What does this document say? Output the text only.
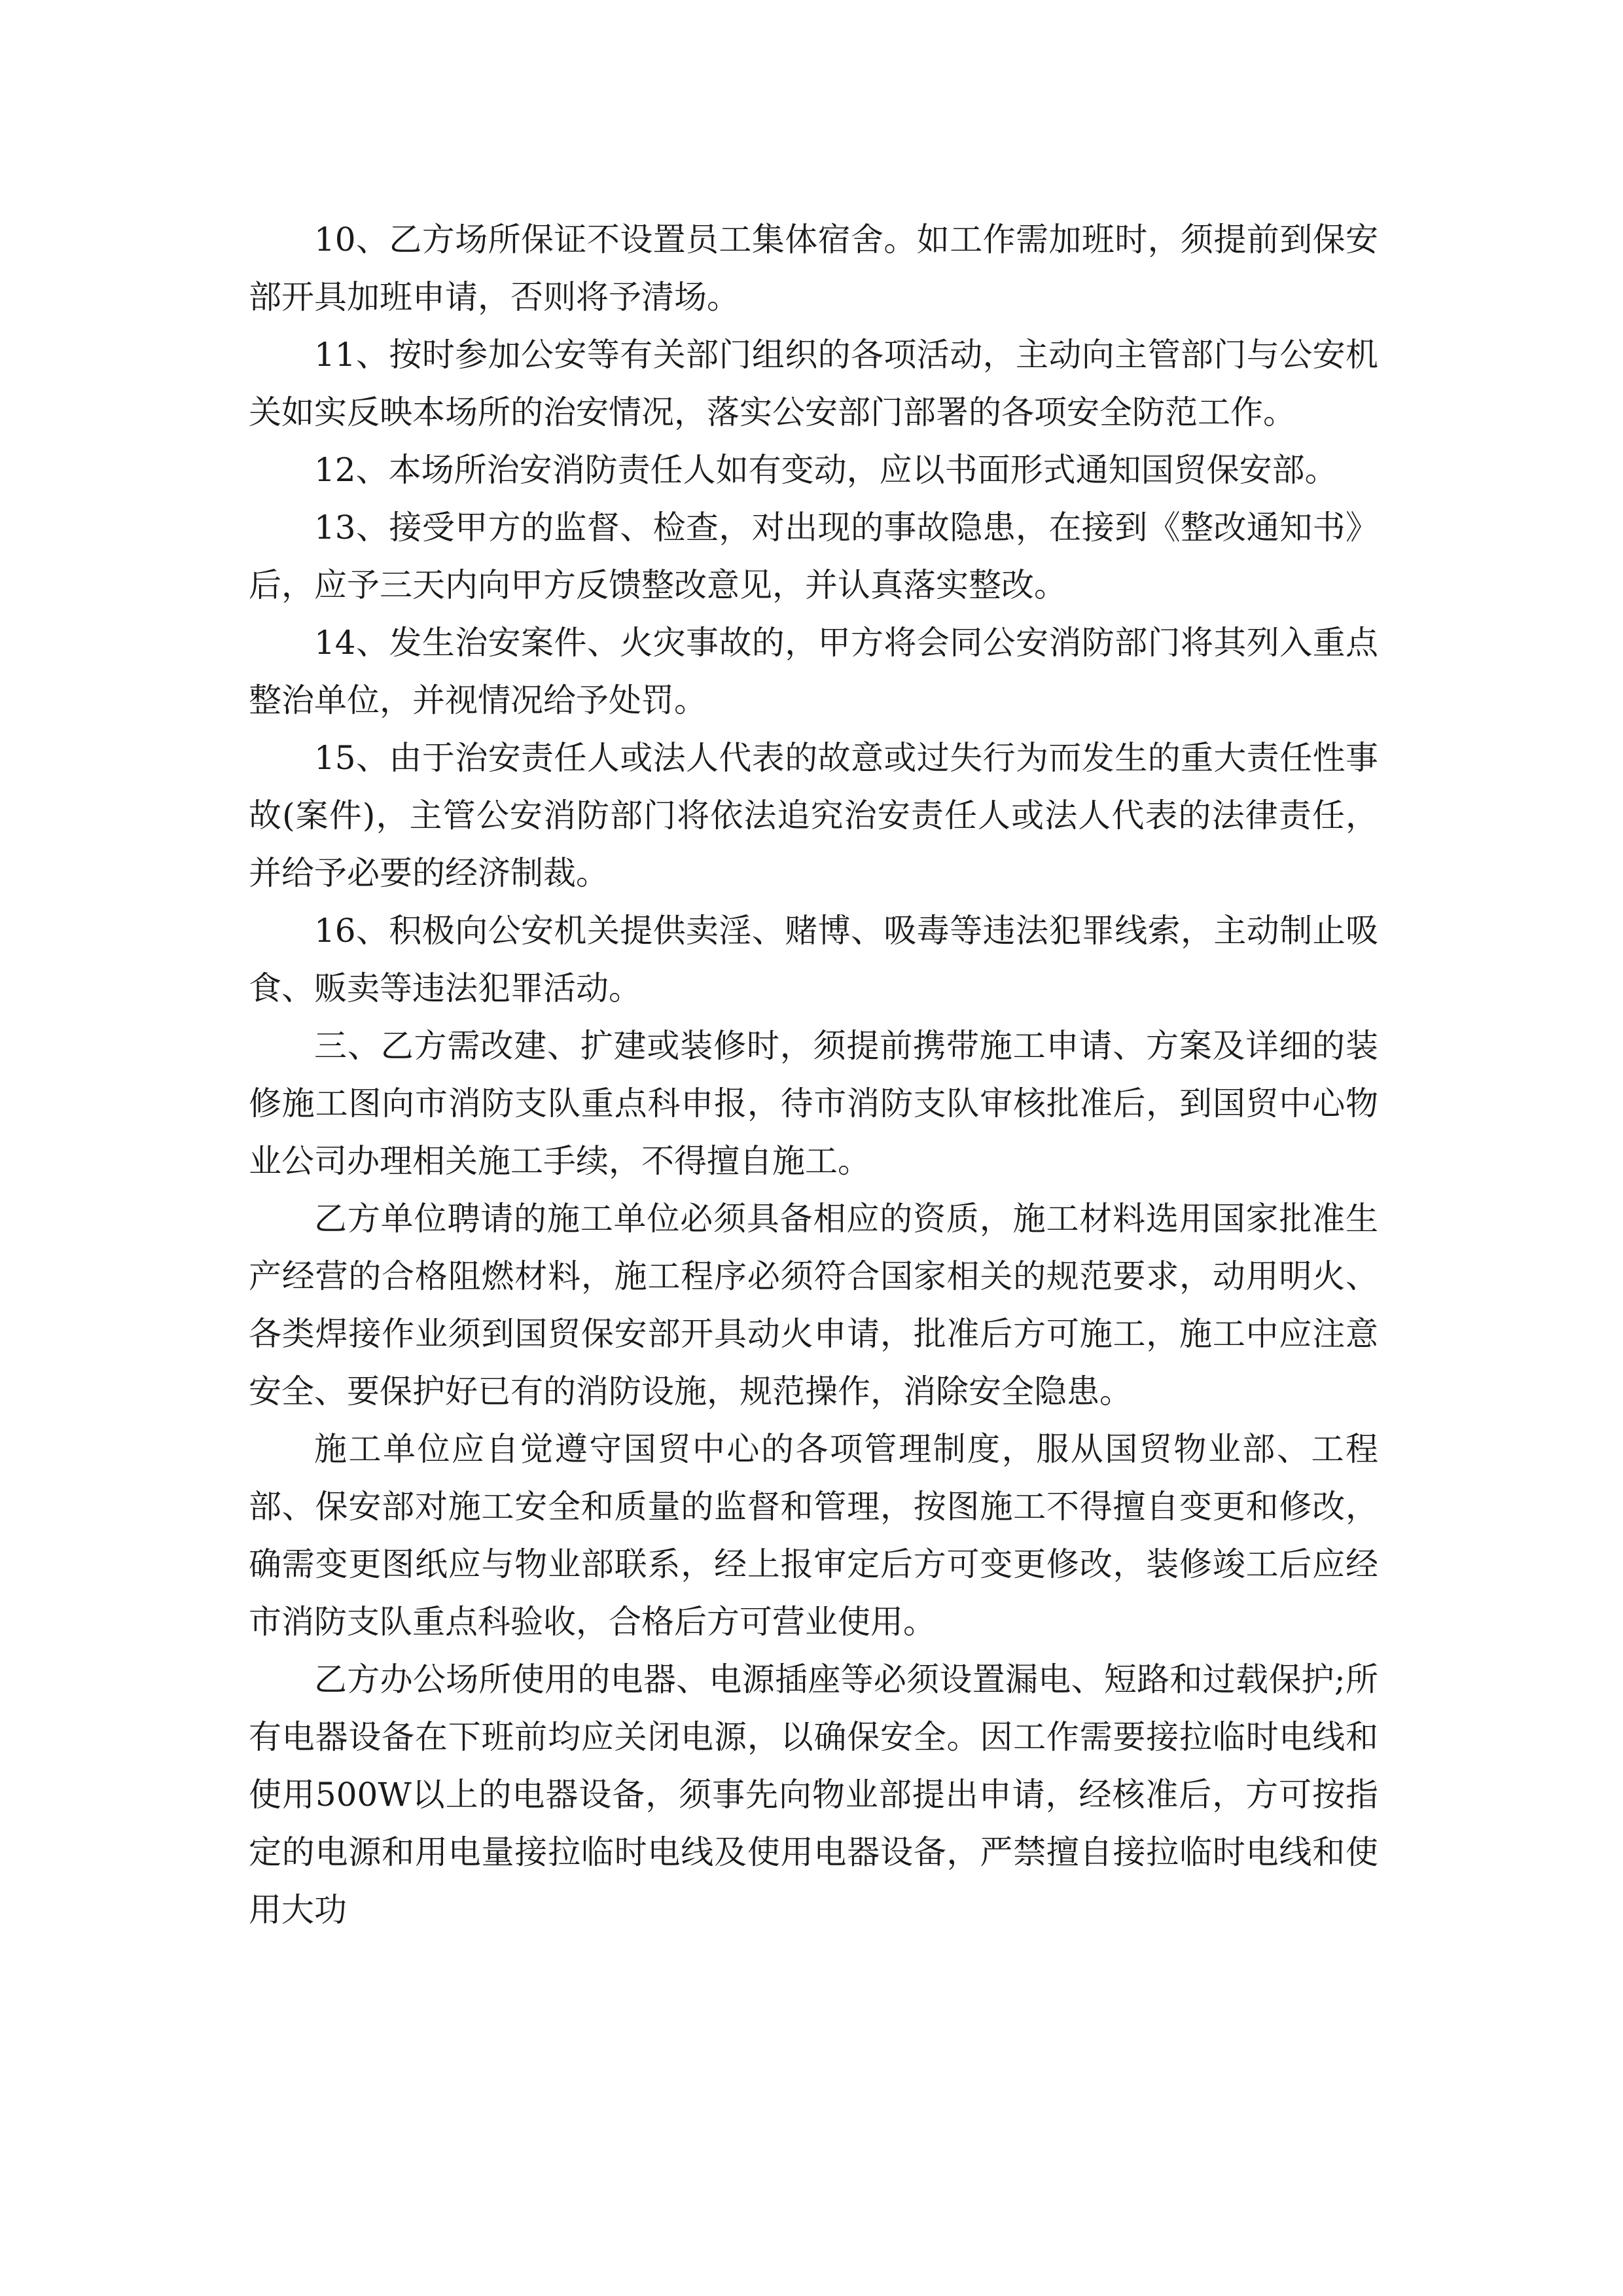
10、乙方场所保证不设置员工集体宿舍。如工作需加班时，须提前到保安部开具加班申请，否则将予清场。

11、按时参加公安等有关部门组织的各项活动，主动向主管部门与公安机关如实反映本场所的治安情况，落实公安部门部署的各项安全防范工作。

12、本场所治安消防责任人如有变动，应以书面形式通知国贸保安部。

13、接受甲方的监督、检查，对出现的事故隐患，在接到《整改通知书》后，应予三天内向甲方反馈整改意见，并认真落实整改。

14、发生治安案件、火灾事故的，甲方将会同公安消防部门将其列入重点整治单位，并视情况给予处罚。

15、由于治安责任人或法人代表的故意或过失行为而发生的重大责任性事故(案件)，主管公安消防部门将依法追究治安责任人或法人代表的法律责任，并给予必要的经济制裁。

16、积极向公安机关提供卖淫、赌博、吸毒等违法犯罪线索，主动制止吸食、贩卖等违法犯罪活动。

三、乙方需改建、扩建或装修时，须提前携带施工申请、方案及详细的装修施工图向市消防支队重点科申报，待市消防支队审核批准后，到国贸中心物业公司办理相关施工手续，不得擅自施工。

乙方单位聘请的施工单位必须具备相应的资质，施工材料选用国家批准生产经营的合格阻燃材料，施工程序必须符合国家相关的规范要求，动用明火、各类焊接作业须到国贸保安部开具动火申请，批准后方可施工，施工中应注意安全、要保护好已有的消防设施，规范操作，消除安全隐患。

施工单位应自觉遵守国贸中心的各项管理制度，服从国贸物业部、工程部、保安部对施工安全和质量的监督和管理，按图施工不得擅自变更和修改，确需变更图纸应与物业部联系，经上报审定后方可变更修改，装修竣工后应经市消防支队重点科验收，合格后方可营业使用。

乙方办公场所使用的电器、电源插座等必须设置漏电、短路和过载保护;所有电器设备在下班前均应关闭电源，以确保安全。因工作需要接拉临时电线和使用500W以上的电器设备，须事先向物业部提出申请，经核准后，方可按指定的电源和用电量接拉临时电线及使用电器设备，严禁擅自接拉临时电线和使用大功
